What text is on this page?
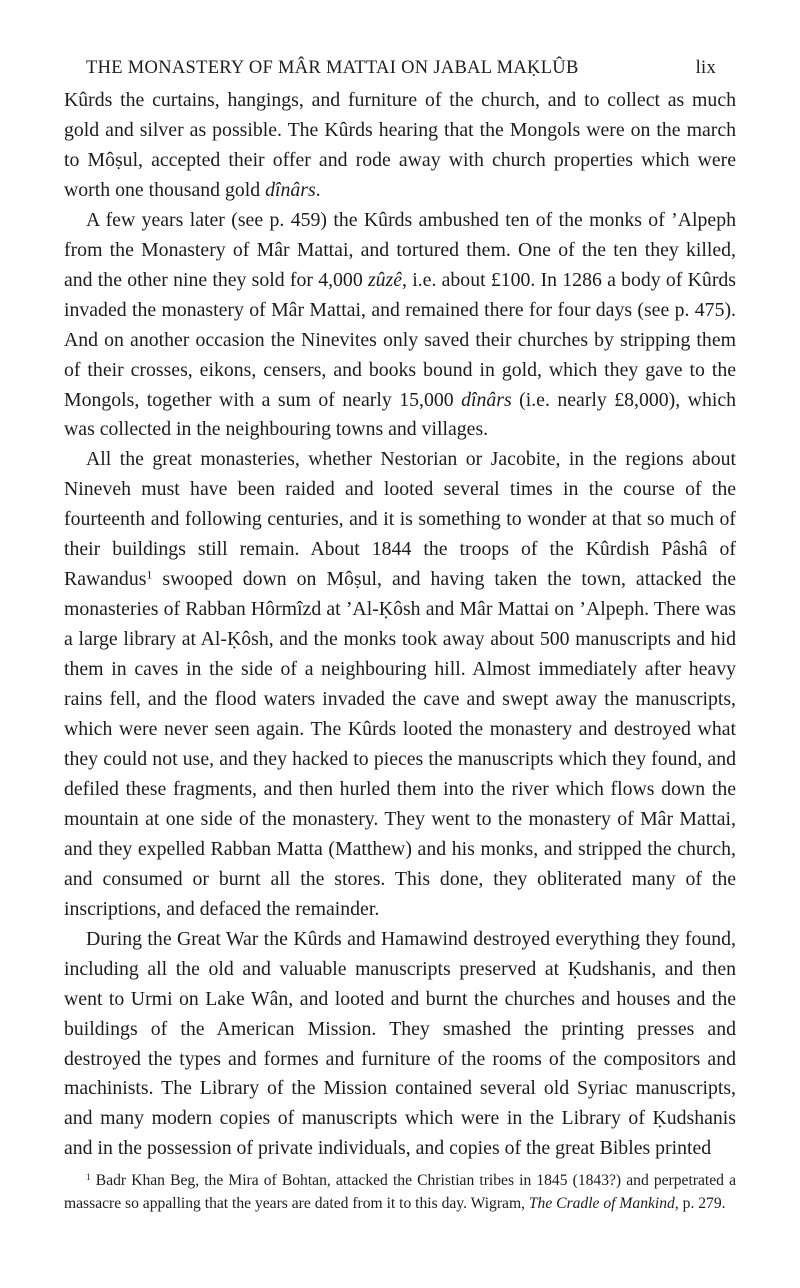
THE MONASTERY OF MÂR MATTAI ON JABAL MAḲLÛB	lix

Kûrds the curtains, hangings, and furniture of the church, and to collect as much gold and silver as possible. The Kûrds hearing that the Mongols were on the march to Môṣul, accepted their offer and rode away with church properties which were worth one thousand gold dînârs.

A few years later (see p. 459) the Kûrds ambushed ten of the monks of ’Alpeph from the Monastery of Mâr Mattai, and tortured them. One of the ten they killed, and the other nine they sold for 4,000 zûzê, i.e. about £100. In 1286 a body of Kûrds invaded the monastery of Mâr Mattai, and remained there for four days (see p. 475). And on another occasion the Ninevites only saved their churches by stripping them of their crosses, eikons, censers, and books bound in gold, which they gave to the Mongols, together with a sum of nearly 15,000 dînârs (i.e. nearly £8,000), which was collected in the neighbouring towns and villages.

All the great monasteries, whether Nestorian or Jacobite, in the regions about Nineveh must have been raided and looted several times in the course of the fourteenth and following centuries, and it is something to wonder at that so much of their buildings still remain. About 1844 the troops of the Kûrdish Pâshâ of Rawandus$^1$ swooped down on Môṣul, and having taken the town, attacked the monasteries of Rabban Hôrmîzd at ’Al-Ḳôsh and Mâr Mattai on ’Alpeph. There was a large library at Al-Ḳôsh, and the monks took away about 500 manuscripts and hid them in caves in the side of a neighbouring hill. Almost immediately after heavy rains fell, and the flood waters invaded the cave and swept away the manuscripts, which were never seen again. The Kûrds looted the monastery and destroyed what they could not use, and they hacked to pieces the manuscripts which they found, and defiled these fragments, and then hurled them into the river which flows down the mountain at one side of the monastery. They went to the monastery of Mâr Mattai, and they expelled Rabban Matta (Matthew) and his monks, and stripped the church, and consumed or burnt all the stores. This done, they obliterated many of the inscriptions, and defaced the remainder.

During the Great War the Kûrds and Hamawind destroyed everything they found, including all the old and valuable manuscripts preserved at Ḳudshanis, and then went to Urmi on Lake Wân, and looted and burnt the churches and houses and the buildings of the American Mission. They smashed the printing presses and destroyed the types and formes and furniture of the rooms of the compositors and machinists. The Library of the Mission contained several old Syriac manuscripts, and many modern copies of manuscripts which were in the Library of Ḳudshanis and in the possession of private individuals, and copies of the great Bibles printed

$^1$ Badr Khan Beg, the Mira of Bohtan, attacked the Christian tribes in 1845 (1843?) and perpetrated a massacre so appalling that the years are dated from it to this day. Wigram, The Cradle of Mankind, p. 279.
